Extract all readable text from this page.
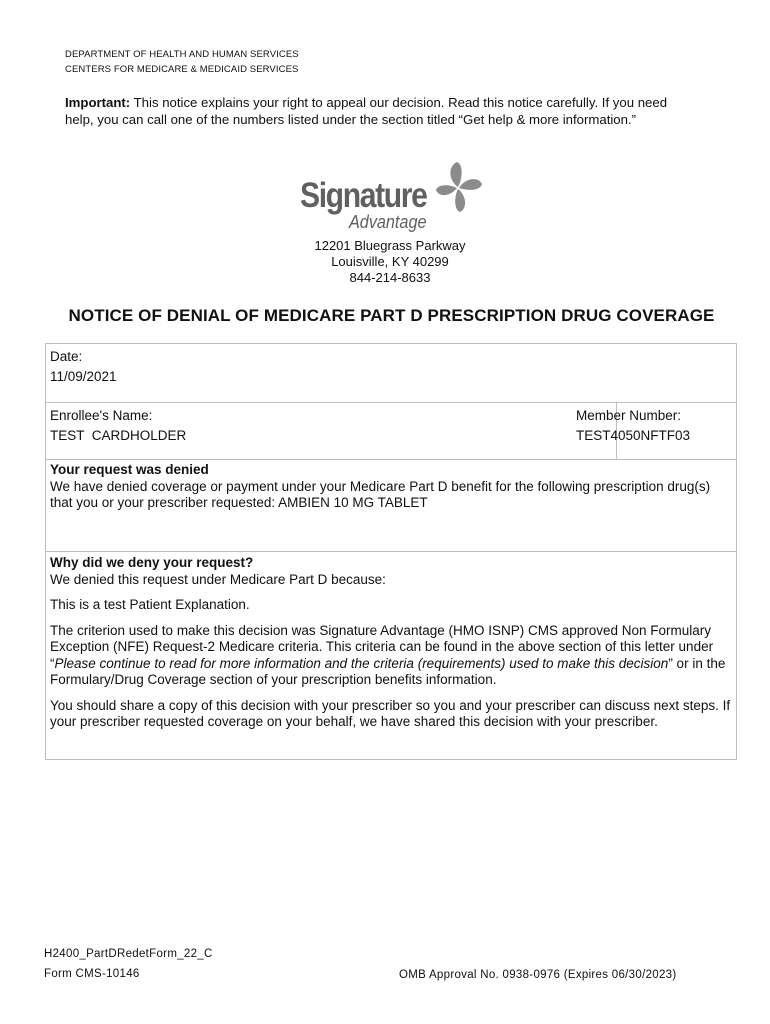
DEPARTMENT OF HEALTH AND HUMAN SERVICES
CENTERS FOR MEDICARE & MEDICAID SERVICES
Important: This notice explains your right to appeal our decision. Read this notice carefully. If you need help, you can call one of the numbers listed under the section titled “Get help & more information.”
Signature
Advantage
12201 Bluegrass Parkway
Louisville, KY 40299
844-214-8633
NOTICE OF DENIAL OF MEDICARE PART D PRESCRIPTION DRUG COVERAGE
Date:
11/09/2021
Enrollee's Name:
TEST  CARDHOLDER
Member Number:
TEST4050NFTF03

Your request was denied

We have denied coverage or payment under your Medicare Part D benefit for the following prescription drug(s) that you or your prescriber requested: AMBIEN 10 MG TABLET

Why did we deny your request?

We denied this request under Medicare Part D because:

This is a test Patient Explanation.

The criterion used to make this decision was Signature Advantage (HMO ISNP) CMS approved Non Formulary Exception (NFE) Request-2 Medicare criteria. This criteria can be found in the above section of this letter under “Please continue to read for more information and the criteria (requirements) used to make this decision” or in the Formulary/Drug Coverage section of your prescription benefits information.

You should share a copy of this decision with your prescriber so you and your prescriber can discuss next steps. If your prescriber requested coverage on your behalf, we have shared this decision with your prescriber.

H2400_PartDRedetForm_22_C
Form CMS-10146	OMB Approval No. 0938-0976 (Expires 06/30/2023)
